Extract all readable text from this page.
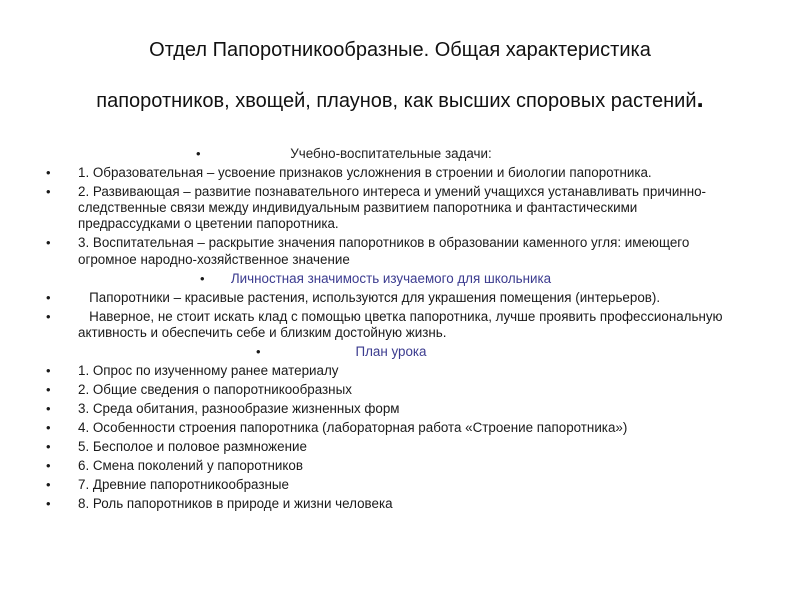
Отдел Папоротникообразные. Общая характеристика
папоротников, хвощей, плаунов, как высших споровых растений.
•	Учебно-воспитательные задачи:
•	1. Образовательная – усвоение признаков усложнения в строении и биологии папоротника.
•	2. Развивающая – развитие познавательного интереса и умений учащихся устанавливать причинно-следственные связи между индивидуальным развитием папоротника и фантастическими предрассудками о цветении папоротника.
•	3. Воспитательная – раскрытие значения папоротников в образовании каменного угля: имеющего огромное народно-хозяйственное значение
•	Личностная значимость изучаемого для школьника
•	Папоротники – красивые растения, используются для украшения помещения (интерьеров).
•	Наверное, не стоит искать клад с помощью цветка папоротника, лучше проявить профессиональную активность и обеспечить себе и близким достойную жизнь.
•	План урока
•	1. Опрос по изученному ранее материалу
•	2. Общие сведения о папоротникообразных
•	3. Среда обитания, разнообразие жизненных форм
•	4. Особенности строения папоротника (лабораторная работа «Строение папоротника»)
•	5. Бесполое и половое размножение
•	6. Смена поколений у папоротников
•	7. Древние папоротникообразные
•	8. Роль папоротников в природе и жизни человека
